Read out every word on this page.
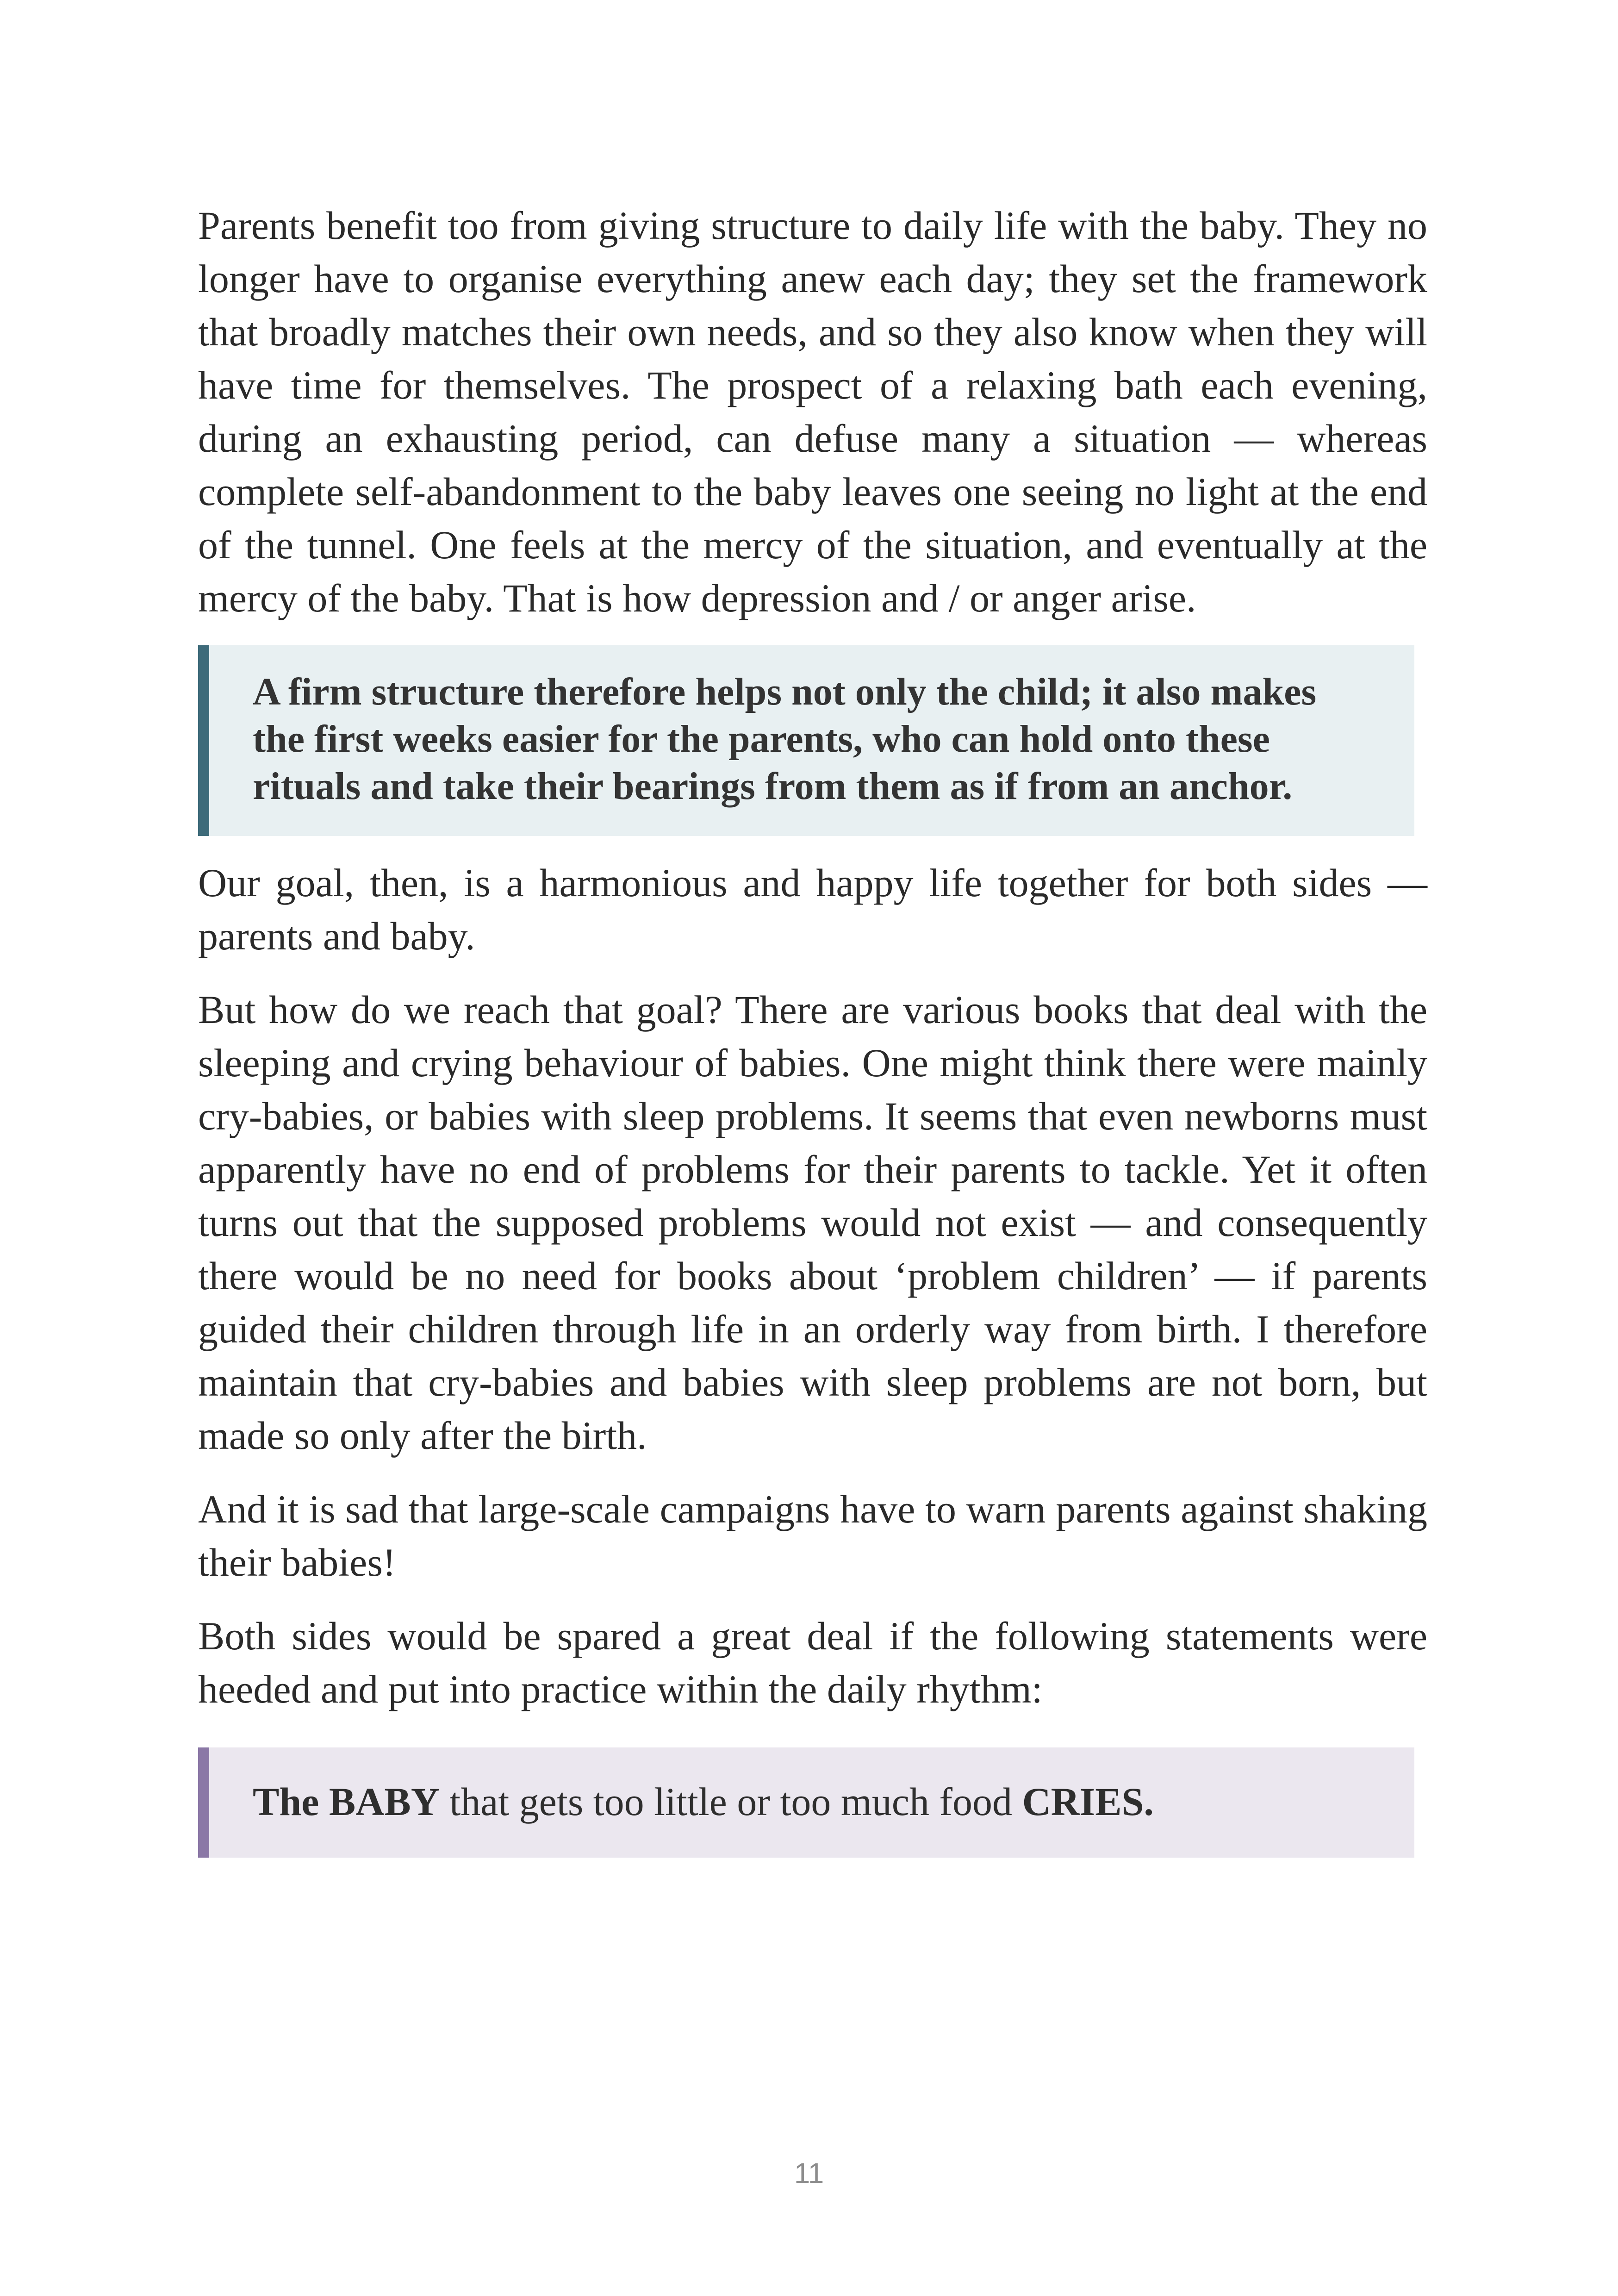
Parents benefit too from giving structure to daily life with the baby. They no longer have to organise everything anew each day; they set the framework that broadly matches their own needs, and so they also know when they will have time for themselves. The prospect of a relaxing bath each evening, during an exhausting period, can defuse many a situation — whereas complete self-abandonment to the baby leaves one seeing no light at the end of the tunnel. One feels at the mercy of the situation, and eventually at the mercy of the baby. That is how depression and / or anger arise.

A firm structure therefore helps not only the child; it also makes the first weeks easier for the parents, who can hold onto these rituals and take their bearings from them as if from an anchor.

Our goal, then, is a harmonious and happy life together for both sides — parents and baby.

But how do we reach that goal? There are various books that deal with the sleeping and crying behaviour of babies. One might think there were mainly cry-babies, or babies with sleep problems. It seems that even newborns must apparently have no end of problems for their parents to tackle. Yet it often turns out that the supposed problems would not exist — and consequently there would be no need for books about ‘problem children’ — if parents guided their children through life in an orderly way from birth. I therefore maintain that cry-babies and babies with sleep problems are not born, but made so only after the birth.

And it is sad that large-scale campaigns have to warn parents against shaking their babies!

Both sides would be spared a great deal if the following statements were heeded and put into practice within the daily rhythm:

The BABY that gets too little or too much food CRIES.

11
